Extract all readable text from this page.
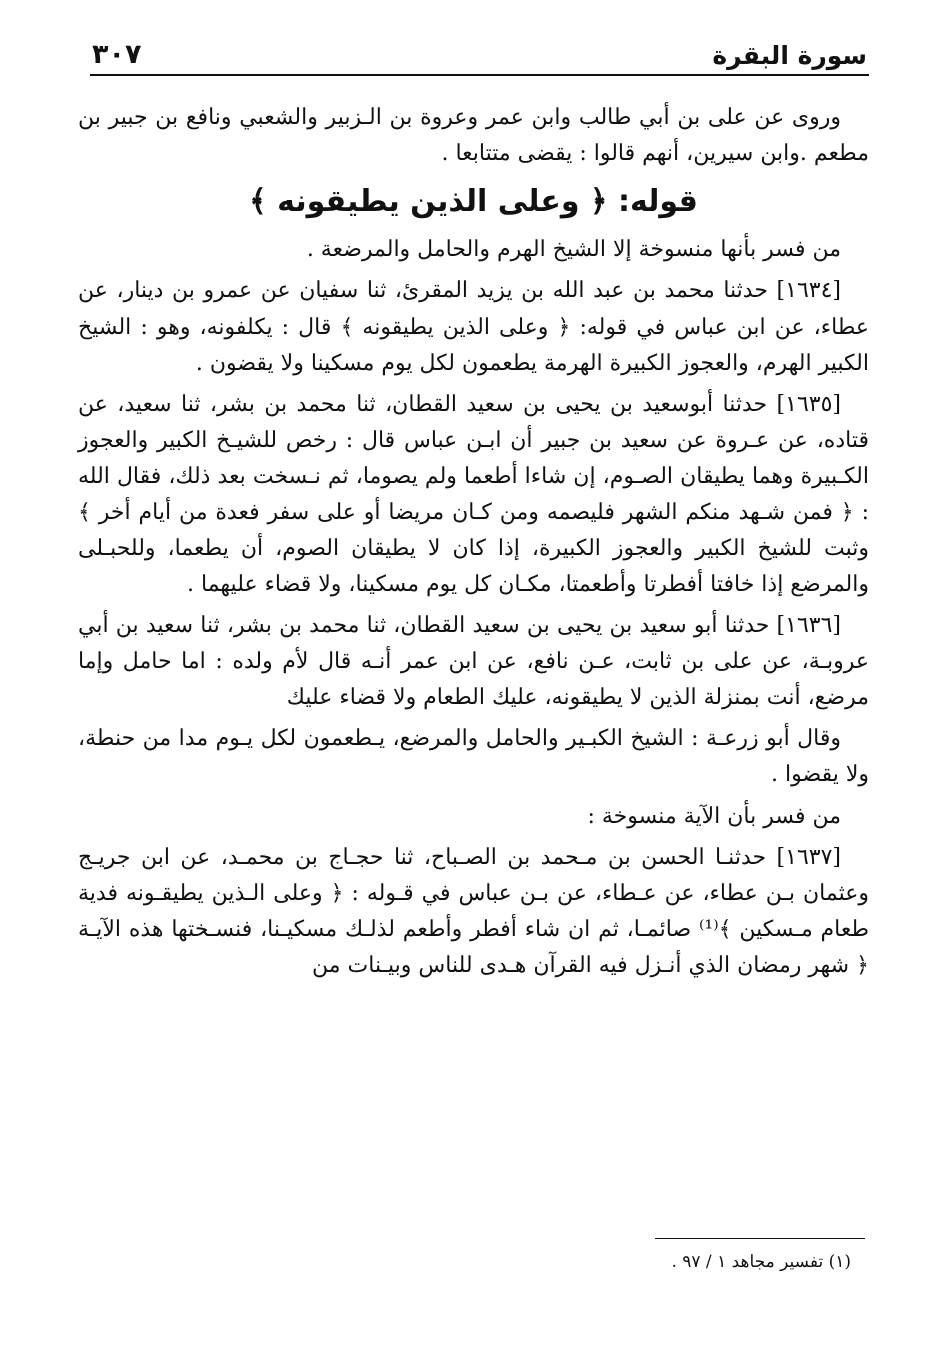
سورة البقرة
٣٠٧

وروى عن على بن أبي طالب وابن عمر وعروة بن الـزبير والشعبي ونافع بن جبير بن مطعم .وابن سيرين، أنهم قالوا : يقضى متتابعا .

قوله: ﴿ وعلى الذين يطيقونه ﴾

من فسر بأنها منسوخة إلا الشيخ الهرم والحامل والمرضعة .

[١٦٣٤] حدثنا محمد بن عبد الله بن يزيد المقرئ، ثنا سفيان عن عمرو بن دينار، عن عطاء، عن ابن عباس في قوله: ﴿ وعلى الذين يطيقونه ﴾ قال : يكلفونه، وهو : الشيخ الكبير الهرم، والعجوز الكبيرة الهرمة يطعمون لكل يوم مسكينا ولا يقضون .

[١٦٣٥] حدثنا أبوسعيد بن يحيى بن سعيد القطان، ثنا محمد بن بشر، ثنا سعيد، عن قتاده، عن عـروة عن سعيد بن جبير أن ابـن عباس قال : رخص للشيـخ الكبير والعجوز الكـبيرة وهما يطيقان الصـوم، إن شاءا أطعما ولم يصوما، ثم نـسخت بعد ذلك، فقال الله : ﴿ فمن شـهد منكم الشهر فليصمه ومن كـان مريضا أو على سفر فعدة من أيام أخر ﴾ وثبت للشيخ الكبير والعجوز الكبيرة، إذا كان لا يطيقان الصوم، أن يطعما، وللحبـلى والمرضع إذا خافتا أفطرتا وأطعمتا، مكـان كل يوم مسكينا، ولا قضاء عليهما .

[١٦٣٦] حدثنا أبو سعيد بن يحيى بن سعيد القطان، ثنا محمد بن بشر، ثنا سعيد بن أبي عروبـة، عن على بن ثابت، عـن نافع، عن ابن عمر أنـه قال لأم ولده : اما حامل وإما مرضع، أنت بمنزلة الذين لا يطيقونه، عليك الطعام ولا قضاء عليك

وقال أبو زرعـة : الشيخ الكبـير والحامل والمرضع، يـطعمون لكل يـوم مدا من حنطة، ولا يقضوا .

من فسر بأن الآية منسوخة :

[١٦٣٧] حدثنـا الحسن بن مـحمد بن الصـباح، ثنا حجـاج بن محمـد، عن ابن جريـج وعثمان بـن عطاء، عن عـطاء، عن بـن عباس في قـوله : ﴿ وعلى الـذين يطيقـونه فدية طعام مـسكين ﴾⁽¹⁾ صائمـا، ثم ان شاء أفطر وأطعم لذلـك مسكيـنا، فنسـختها هذه الآيـة ﴿ شهر رمضان الذي أنـزل فيه القرآن هـدى للناس وبيـنات من

(١) تفسير مجاهد ١ / ٩٧ .
